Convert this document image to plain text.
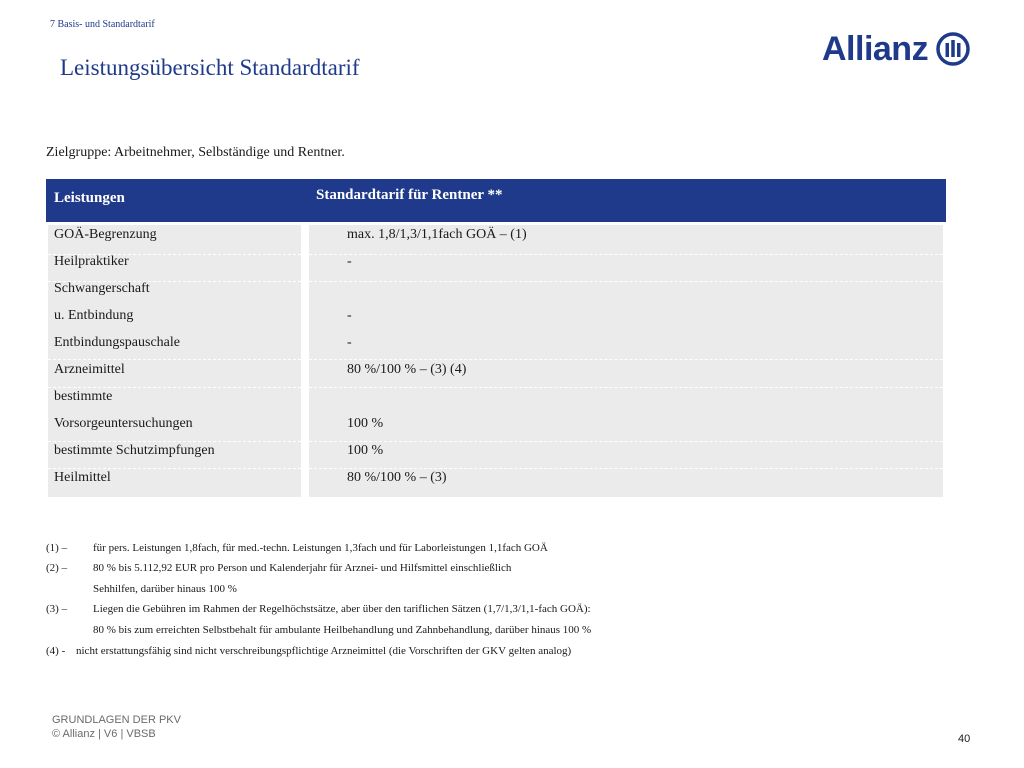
7 Basis- und Standardtarif
Leistungsübersicht Standardtarif	Allianz
Zielgruppe: Arbeitnehmer, Selbständige und Rentner.
Leistungen	Standardtarif für Rentner **
GOÄ-Begrenzung	max. 1,8/1,3/1,1fach GOÄ – (1)
Heilpraktiker	-
Schwangerschaft
u. Entbindung	-
Entbindungspauschale	-
Arzneimittel	80 %/100 % – (3) (4)
bestimmte
Vorsorgeuntersuchungen	100 %
bestimmte Schutzimpfungen	100 %
Heilmittel	80 %/100 % – (3)
(1) – für pers. Leistungen 1,8fach, für med.-techn. Leistungen 1,3fach und für Laborleistungen 1,1fach GOÄ
(2) – 80 % bis 5.112,92 EUR pro Person und Kalenderjahr für Arznei- und Hilfsmittel einschließlich
Sehhilfen, darüber hinaus 100 %
(3) – Liegen die Gebühren im Rahmen der Regelhöchstsätze, aber über den tariflichen Sätzen (1,7/1,3/1,1-fach GOÄ):
80 % bis zum erreichten Selbstbehalt für ambulante Heilbehandlung und Zahnbehandlung, darüber hinaus 100 %
(4) - nicht erstattungsfähig sind nicht verschreibungspflichtige Arzneimittel (die Vorschriften der GKV gelten analog)
GRUNDLAGEN DER PKV
© Allianz | V6 | VBSB	40
